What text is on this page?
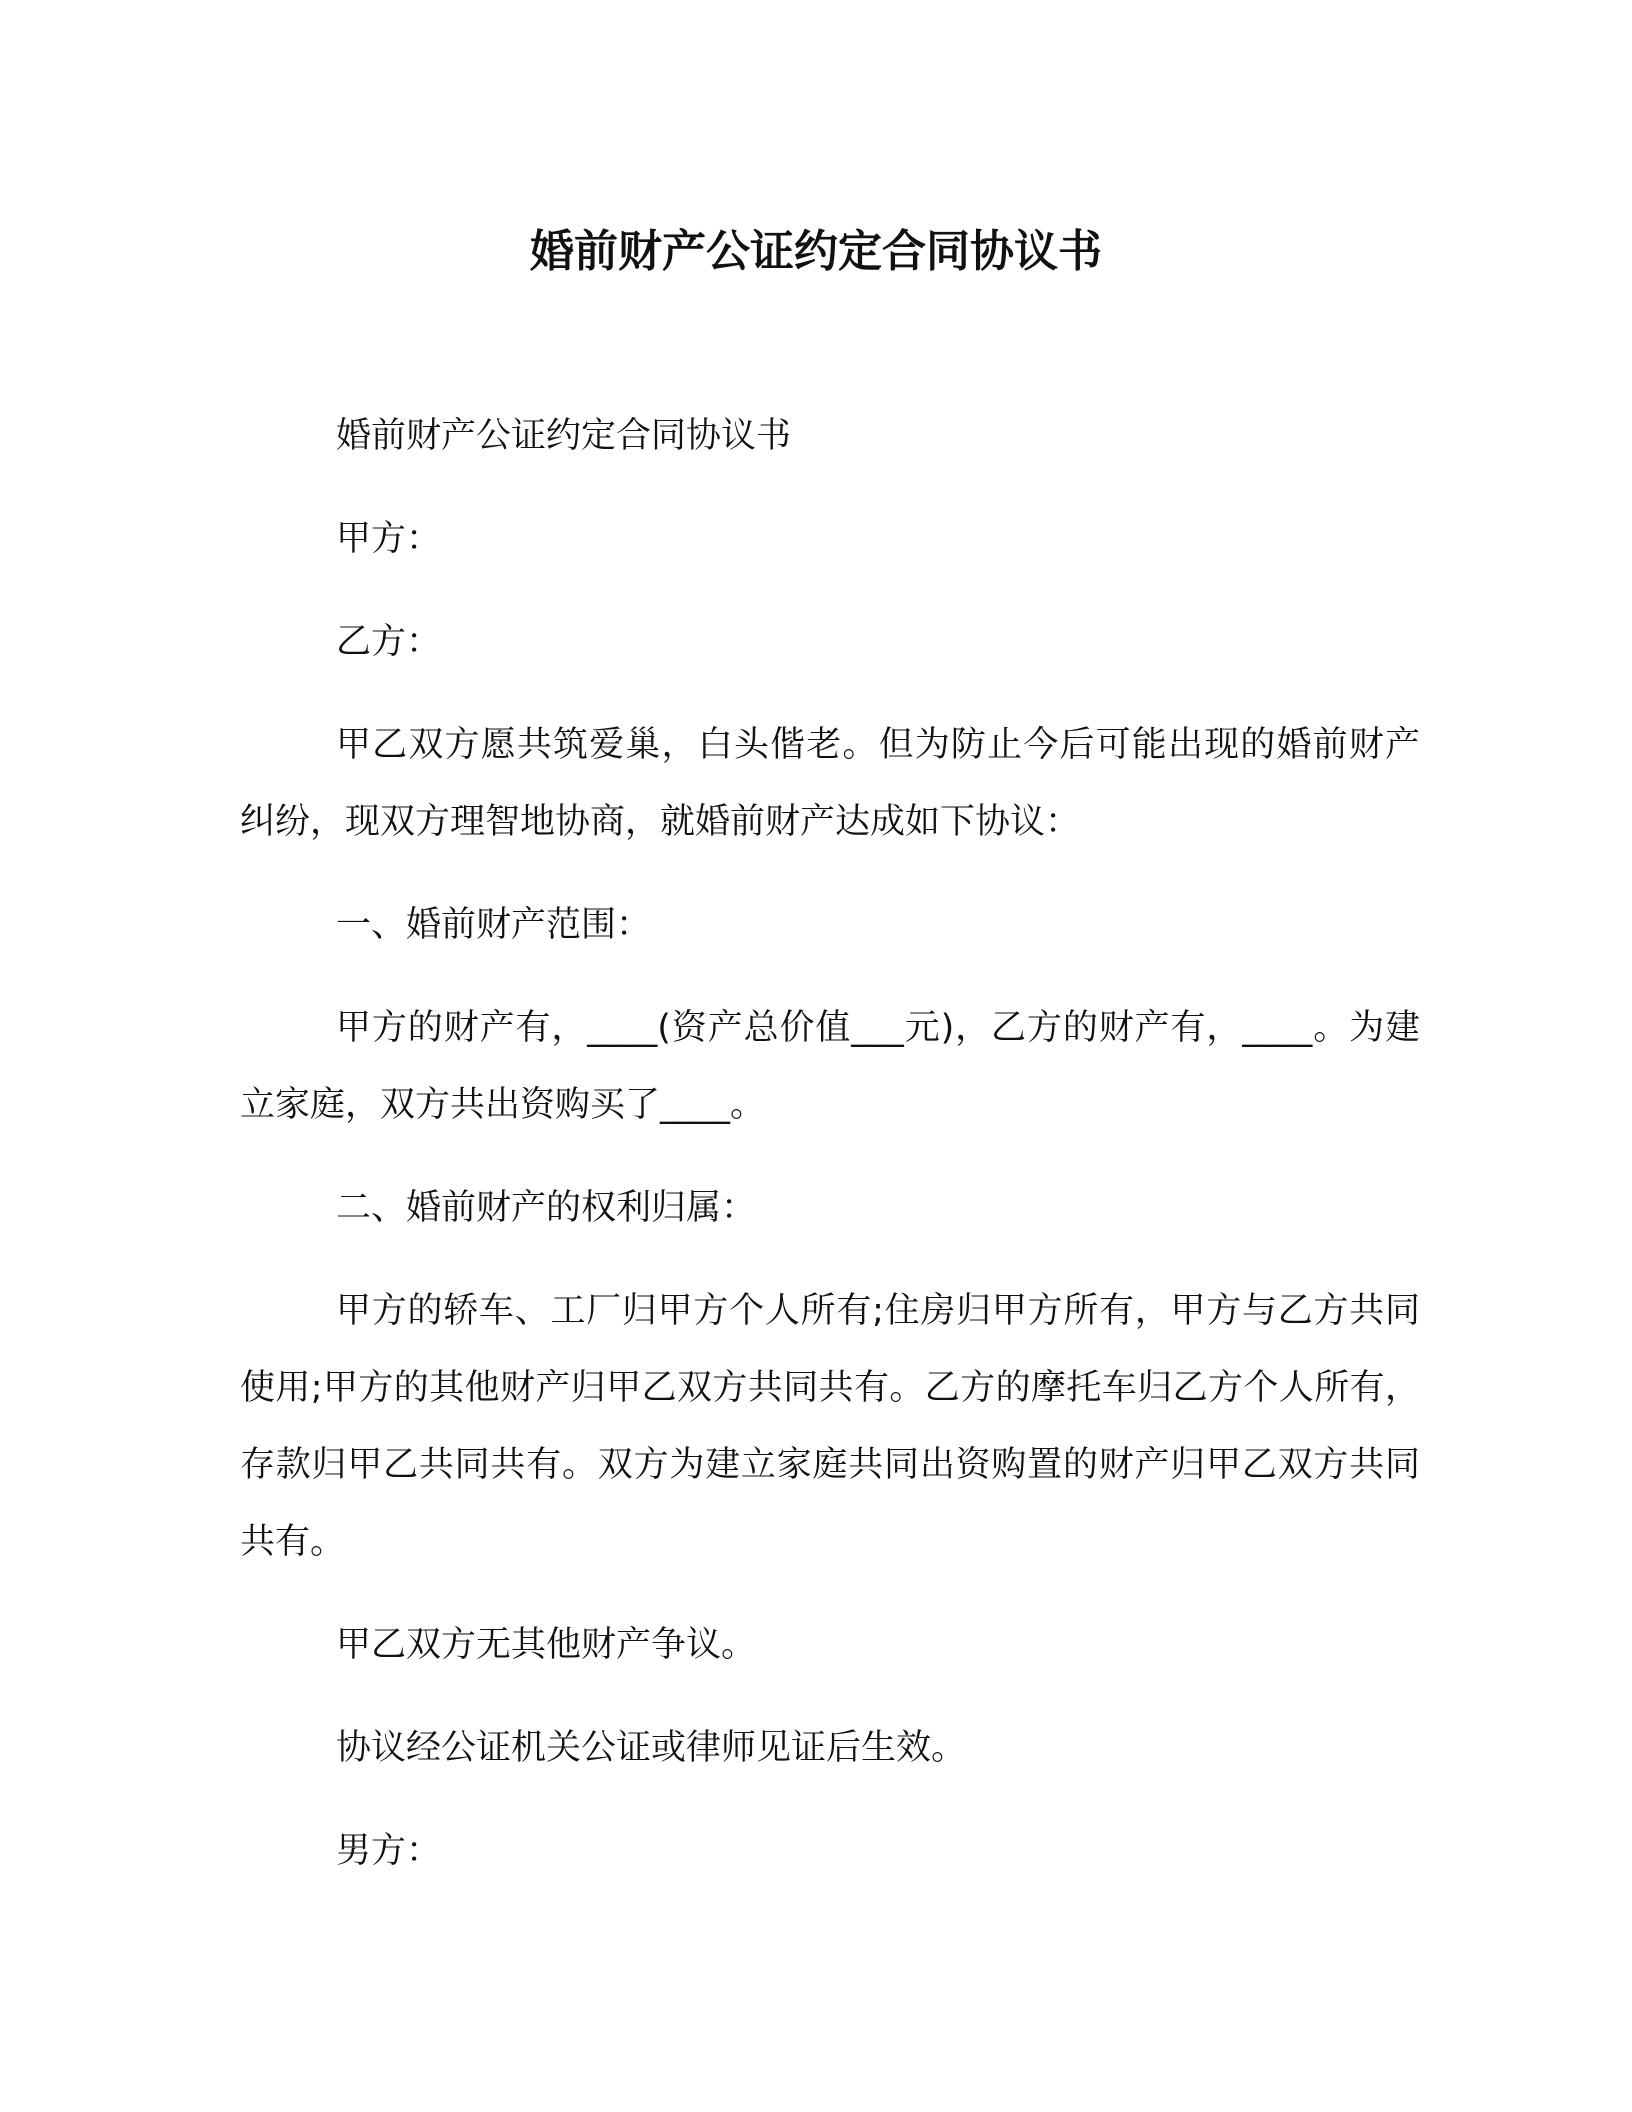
婚前财产公证约定合同协议书

婚前财产公证约定合同协议书

甲方：

乙方：

甲乙双方愿共筑爱巢，白头偕老。但为防止今后可能出现的婚前财产纠纷，现双方理智地协商，就婚前财产达成如下协议：

一、婚前财产范围：

甲方的财产有，____(资产总价值___元)，乙方的财产有，____。为建立家庭，双方共出资购买了____。

二、婚前财产的权利归属：

甲方的轿车、工厂归甲方个人所有;住房归甲方所有，甲方与乙方共同使用;甲方的其他财产归甲乙双方共同共有。乙方的摩托车归乙方个人所有，存款归甲乙共同共有。双方为建立家庭共同出资购置的财产归甲乙双方共同共有。

甲乙双方无其他财产争议。

协议经公证机关公证或律师见证后生效。

男方：
